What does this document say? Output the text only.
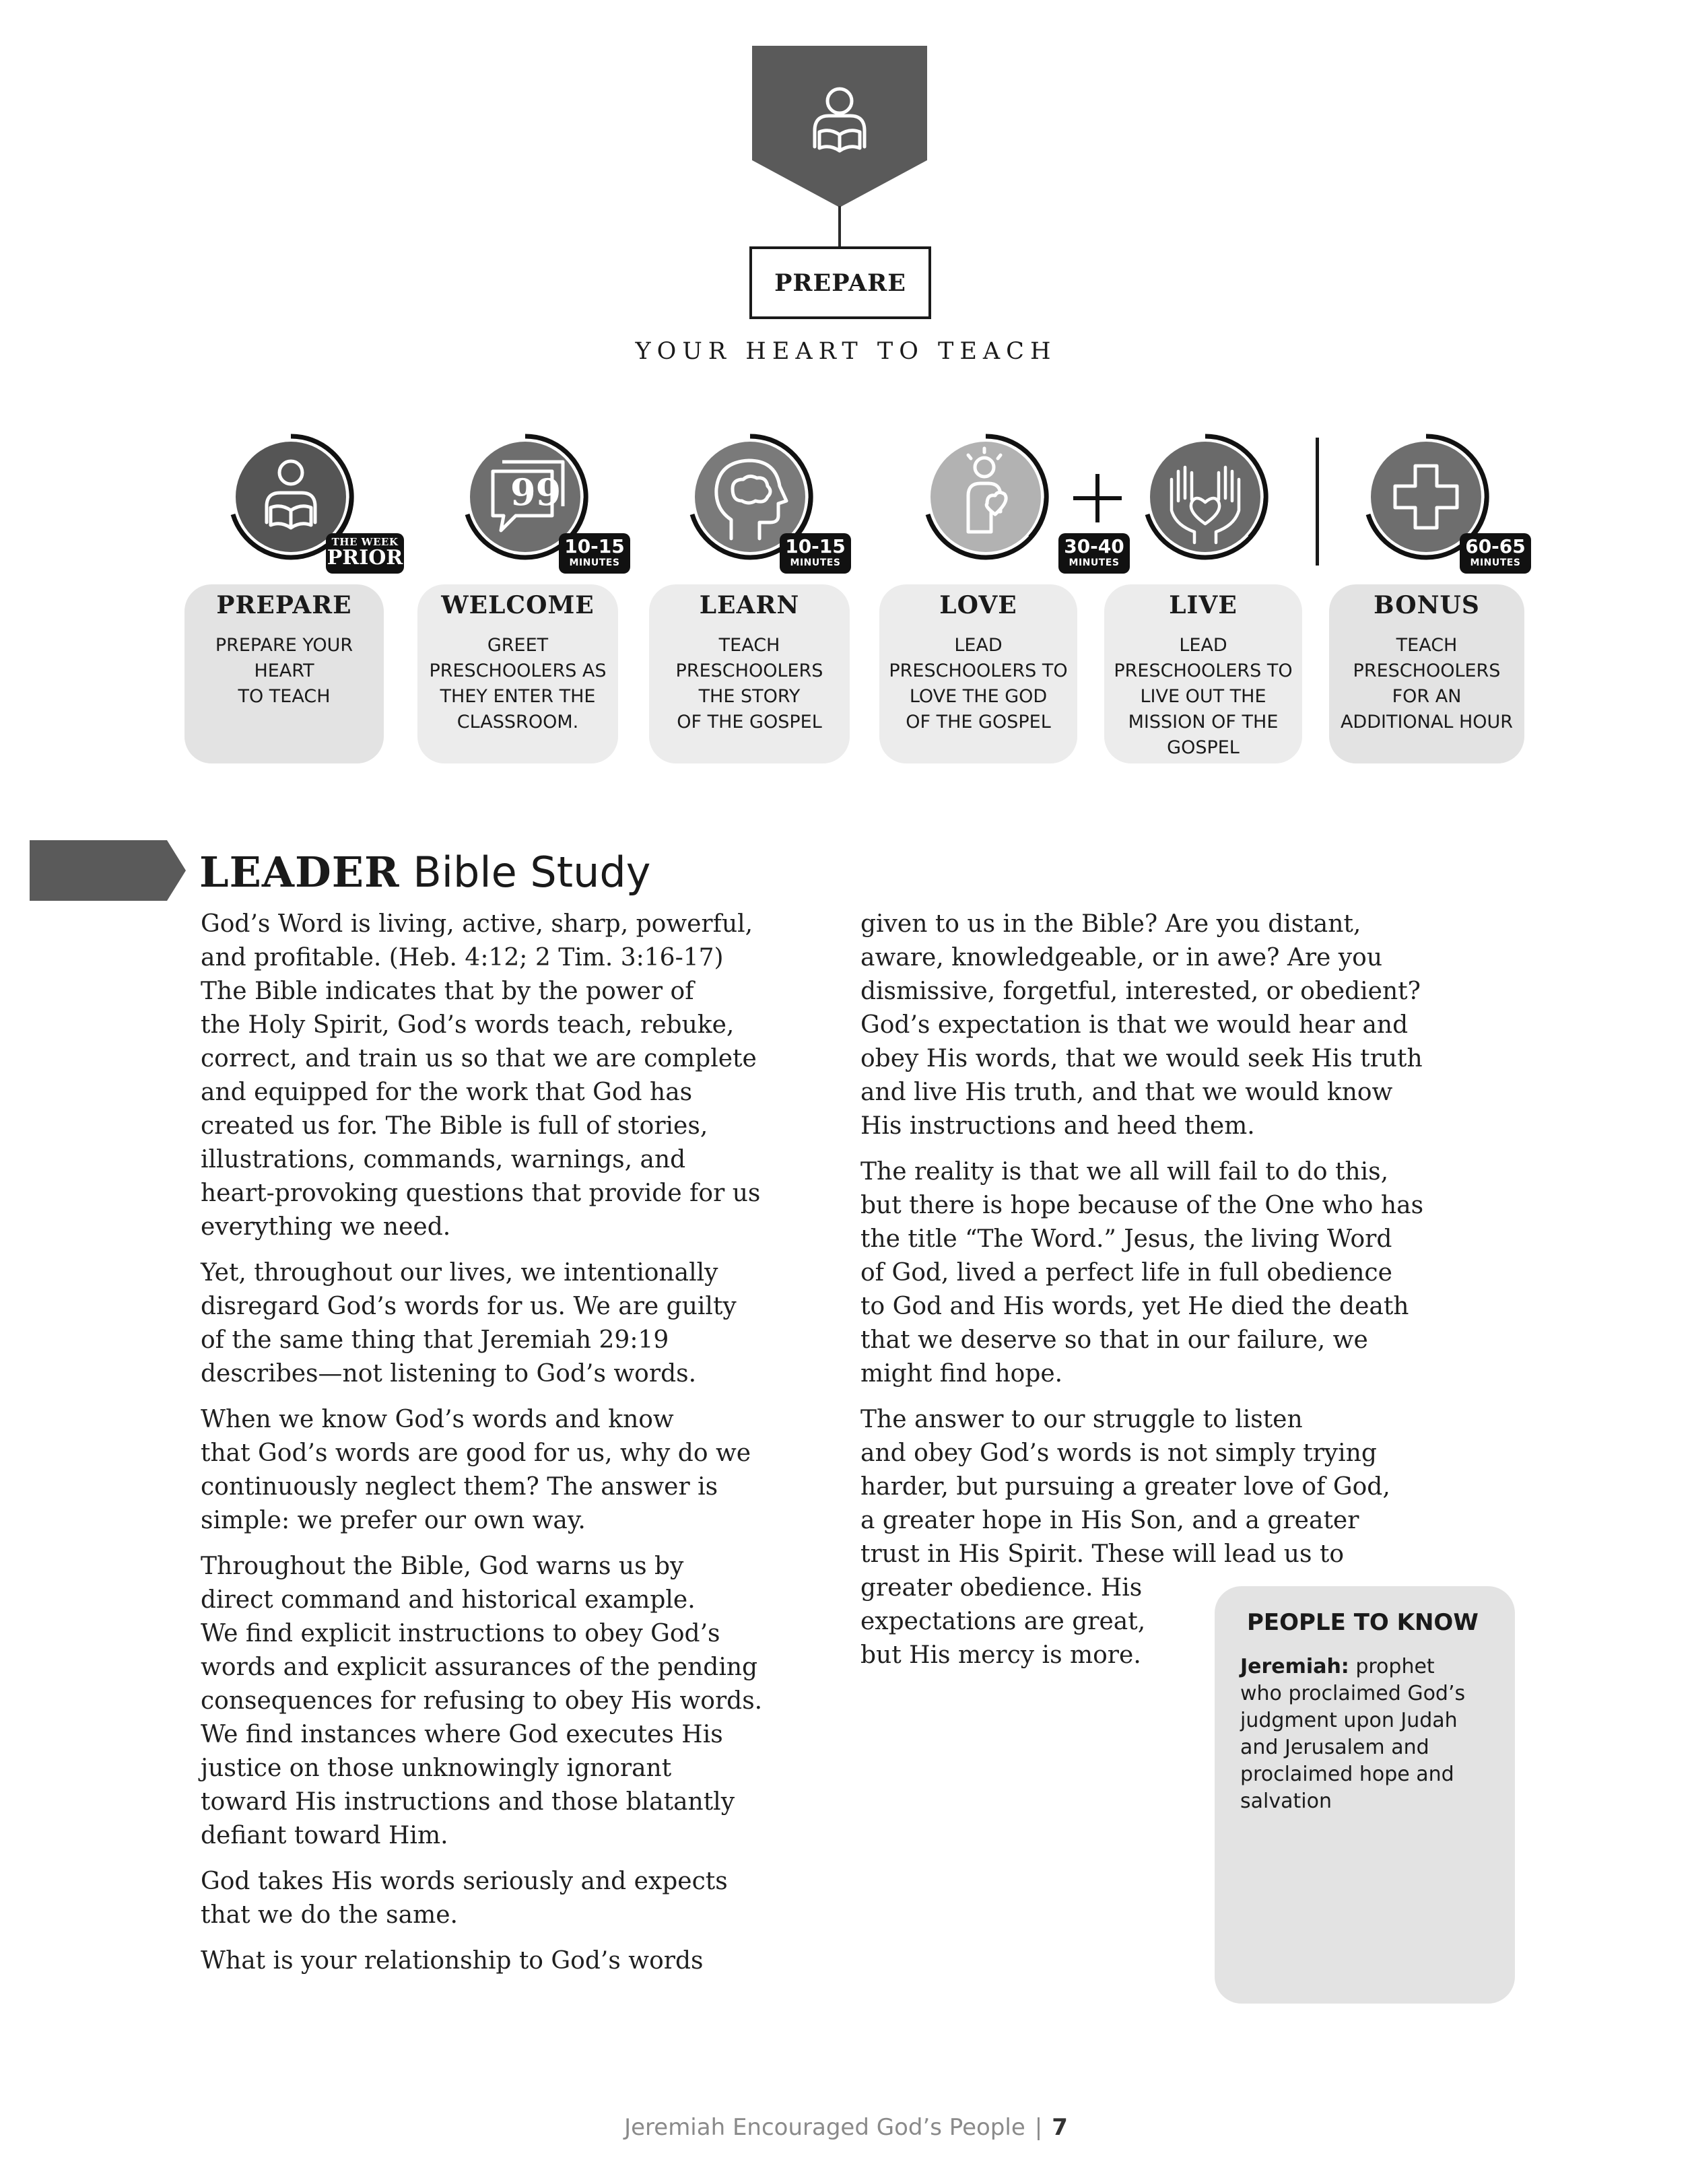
PREPARE
YOUR HEART TO TEACH
THE WEEK
PRIOR
99
10-15
MINUTES
10-15
MINUTES
30-40
MINUTES
60-65
MINUTES
PREPARE
PREPARE YOUR
HEART
TO TEACH
WELCOME
GREET
PRESCHOOLERS AS
THEY ENTER THE
CLASSROOM.
LEARN
TEACH
PRESCHOOLERS
THE STORY
OF THE GOSPEL
LOVE
LEAD
PRESCHOOLERS TO
LOVE THE GOD
OF THE GOSPEL
LIVE
LEAD
PRESCHOOLERS TO
LIVE OUT THE
MISSION OF THE
GOSPEL
BONUS
TEACH
PRESCHOOLERS
FOR AN
ADDITIONAL HOUR
LEADER Bible Study

God’s Word is living, active, sharp, powerful,
and profitable. (Heb. 4:12; 2 Tim. 3:16-17)
The Bible indicates that by the power of
the Holy Spirit, God’s words teach, rebuke,
correct, and train us so that we are complete
and equipped for the work that God has
created us for. The Bible is full of stories,
illustrations, commands, warnings, and
heart-provoking questions that provide for us
everything we need.

Yet, throughout our lives, we intentionally
disregard God’s words for us. We are guilty
of the same thing that Jeremiah 29:19
describes—not listening to God’s words.

When we know God’s words and know
that God’s words are good for us, why do we
continuously neglect them? The answer is
simple: we prefer our own way.

Throughout the Bible, God warns us by
direct command and historical example.
We find explicit instructions to obey God’s
words and explicit assurances of the pending
consequences for refusing to obey His words.
We find instances where God executes His
justice on those unknowingly ignorant
toward His instructions and those blatantly
defiant toward Him.

God takes His words seriously and expects
that we do the same.

What is your relationship to God’s words

given to us in the Bible? Are you distant,
aware, knowledgeable, or in awe? Are you
dismissive, forgetful, interested, or obedient?
God’s expectation is that we would hear and
obey His words, that we would seek His truth
and live His truth, and that we would know
His instructions and heed them.

The reality is that we all will fail to do this,
but there is hope because of the One who has
the title “The Word.” Jesus, the living Word
of God, lived a perfect life in full obedience
to God and His words, yet He died the death
that we deserve so that in our failure, we
might find hope.

The answer to our struggle to listen
and obey God’s words is not simply trying
harder, but pursuing a greater love of God,
a greater hope in His Son, and a greater
trust in His Spirit. These will lead us to
greater obedience. His
expectations are great,
but His mercy is more.

PEOPLE TO KNOW
Jeremiah: prophet
who proclaimed God’s
judgment upon Judah
and Jerusalem and
proclaimed hope and
salvation
Jeremiah Encouraged God’s People | 7
